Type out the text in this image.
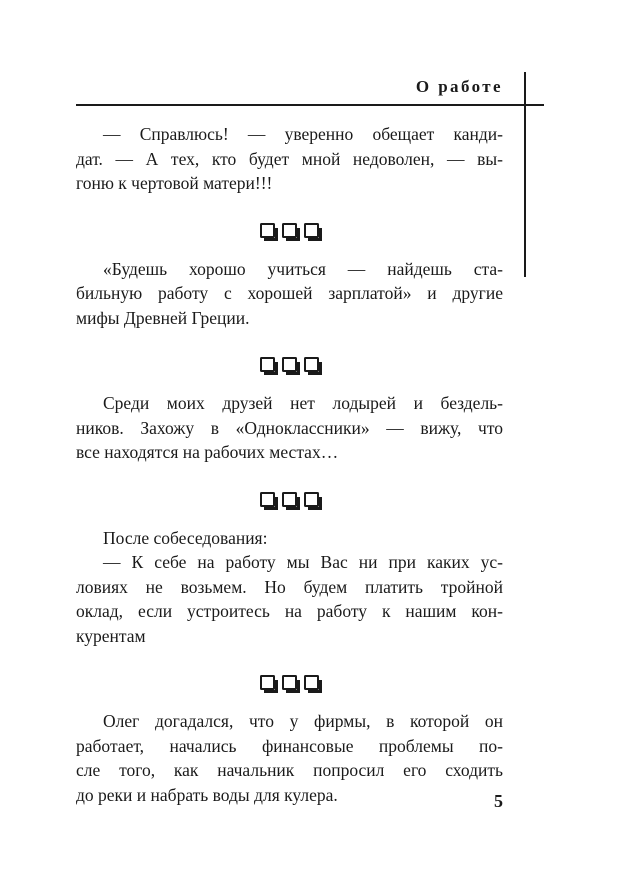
О работе
— Справлюсь! — уверенно обещает канди-
дат. — А тех, кто будет мной недоволен, — вы-
гоню к чертовой матери!!!
«Будешь хорошо учиться — найдешь ста-
бильную работу с хорошей зарплатой» и другие
мифы Древней Греции.
Среди моих друзей нет лодырей и бездель-
ников. Захожу в «Одноклассники» — вижу, что
все находятся на рабочих местах…
После собеседования:
— К себе на работу мы Вас ни при каких ус-
ловиях не возьмем. Но будем платить тройной
оклад, если устроитесь на работу к нашим кон-
курентам
Олег догадался, что у фирмы, в которой он
работает, начались финансовые проблемы по-
сле того, как начальник попросил его сходить
до реки и набрать воды для кулера.	5
